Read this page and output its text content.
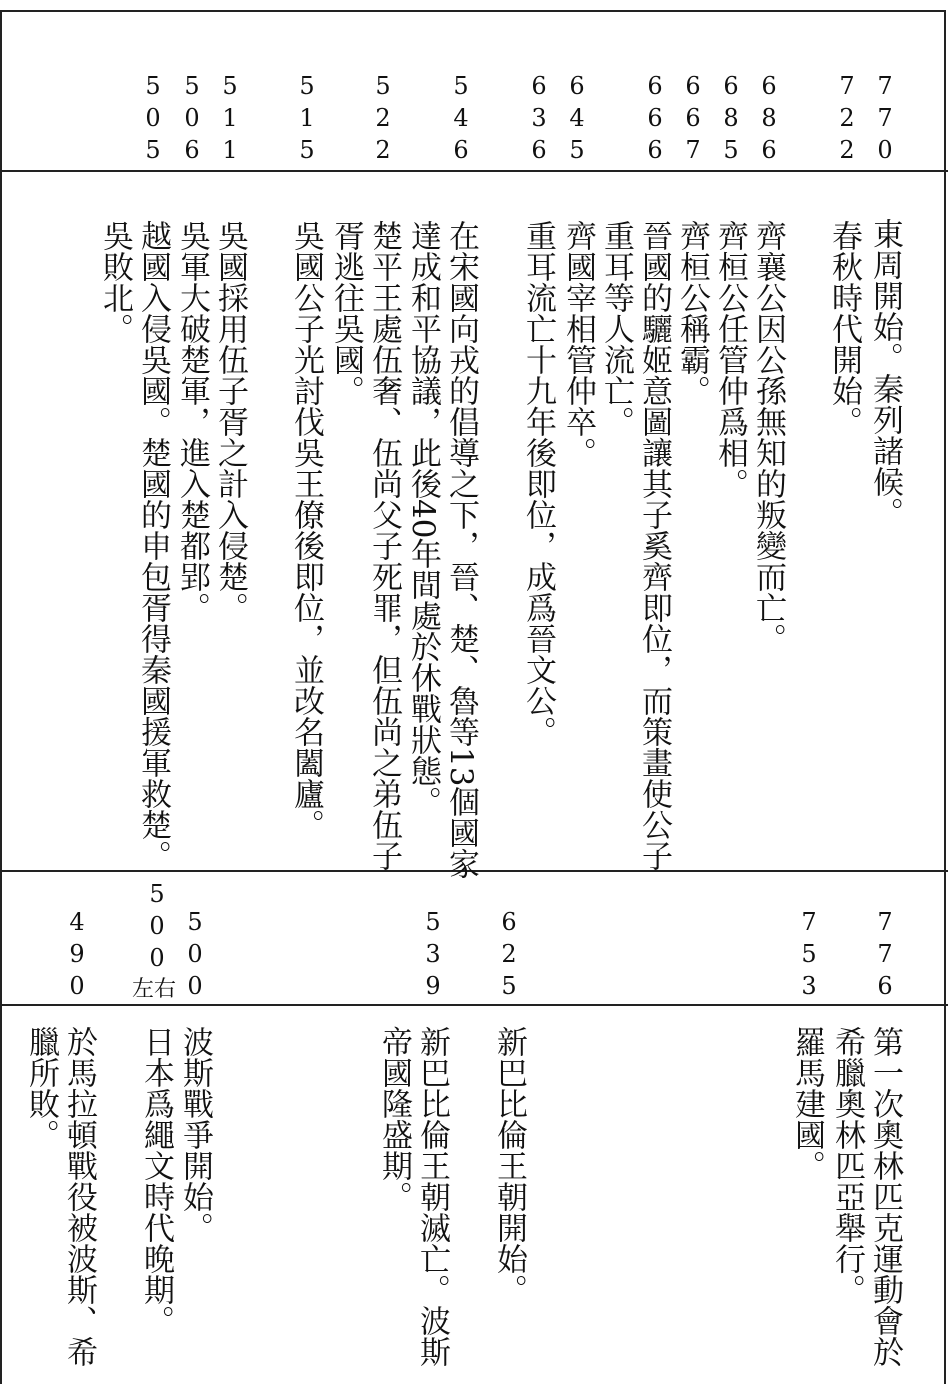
770
722
686
685
667
666
645
636
546
522
515
511
506
505
東周開始。秦列諸候。
春秋時代開始。
齊襄公因公孫無知的叛變而亡。
齊桓公任管仲爲相。
齊桓公稱霸。
晉國的驪姬意圖讓其子奚齊即位，而策畫使公子
重耳等人流亡。
齊國宰相管仲卒。
重耳流亡十九年後即位，成爲晉文公。
在宋國向戎的倡導之下，晉、楚、魯等13個國家
達成和平協議，此後40年間處於休戰狀態。
楚平王處伍奢、伍尚父子死罪，但伍尚之弟伍子
胥逃往吳國。
吳國公子光討伐吳王僚後即位，並改名闔廬。
吳國採用伍子胥之計入侵楚。
吳軍大破楚軍，進入楚都郢。
越國入侵吳國。楚國的申包胥得秦國援軍救楚。
吳敗北。
776
753
625
539
500
500
左右
490
第一次奧林匹克運動會於
希臘奧林匹亞舉行。
羅馬建國。
新巴比倫王朝開始。
新巴比倫王朝滅亡。波斯
帝國隆盛期。
波斯戰爭開始。
日本爲繩文時代晚期。
於馬拉頓戰役被波斯、希
臘所敗。
